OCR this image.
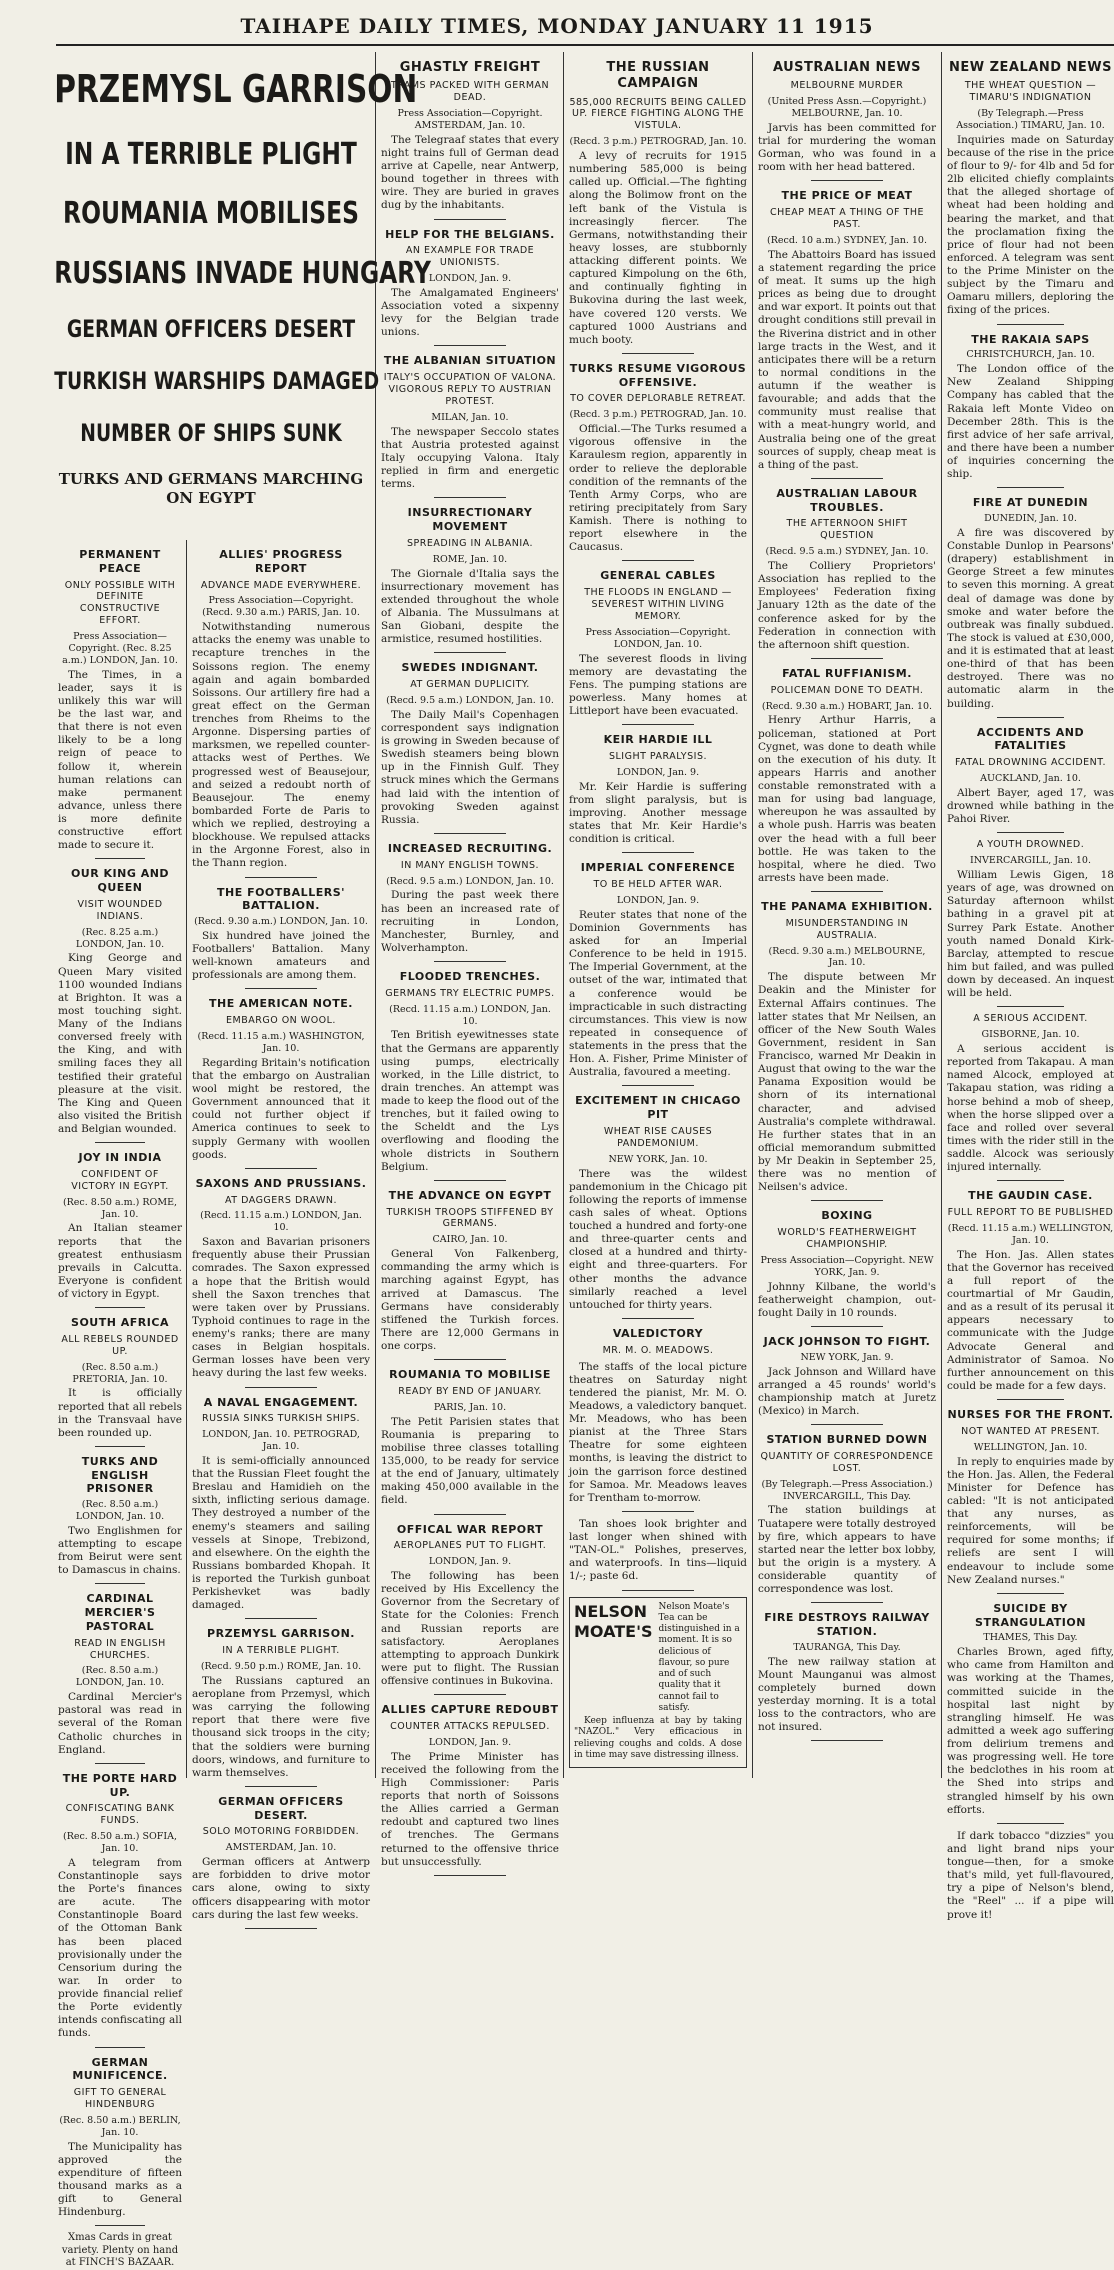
TAIHAPE DAILY TIMES, MONDAY JANUARY 11 1915
PRZEMYSL GARRISON
IN A TERRIBLE PLIGHT
ROUMANIA MOBILISES
RUSSIANS INVADE HUNGARY
GERMAN OFFICERS DESERT
TURKISH WARSHIPS DAMAGED
NUMBER OF SHIPS SUNK
TURKS AND GERMANS MARCHING ON EGYPT
PERMANENT PEACE
ONLY POSSIBLE WITH DEFINITE CONSTRUCTIVE EFFORT.
Press Association—Copyright. (Rec. 8.25 a.m.) LONDON, Jan. 10.
The Times, in a leader, says it is unlikely this war will be the last war, and that there is not even likely to be a long reign of peace to follow it, wherein human relations can make permanent advance, unless there is more definite constructive effort made to secure it.
OUR KING AND QUEEN
VISIT WOUNDED INDIANS.
(Rec. 8.25 a.m.) LONDON, Jan. 10.
King George and Queen Mary visited 1100 wounded Indians at Brighton. It was a most touching sight. Many of the Indians conversed freely with the King, and with smiling faces they all testified their grateful pleasure at the visit. The King and Queen also visited the British and Belgian wounded.
JOY IN INDIA
CONFIDENT OF VICTORY IN EGYPT.
(Rec. 8.50 a.m.) ROME, Jan. 10.
An Italian steamer reports that the greatest enthusiasm prevails in Calcutta. Everyone is confident of victory in Egypt.
SOUTH AFRICA
ALL REBELS ROUNDED UP.
(Rec. 8.50 a.m.) PRETORIA, Jan. 10.
It is officially reported that all rebels in the Transvaal have been rounded up.
TURKS AND ENGLISH PRISONER
(Rec. 8.50 a.m.) LONDON, Jan. 10.
Two Englishmen for attempting to escape from Beirut were sent to Damascus in chains.
CARDINAL MERCIER'S PASTORAL
READ IN ENGLISH CHURCHES.
(Rec. 8.50 a.m.) LONDON, Jan. 10.
Cardinal Mercier's pastoral was read in several of the Roman Catholic churches in England.
THE PORTE HARD UP.
CONFISCATING BANK FUNDS.
(Rec. 8.50 a.m.) SOFIA, Jan. 10.
A telegram from Constantinople says the Porte's finances are acute. The Constantinople Board of the Ottoman Bank has been placed provisionally under the Censorium during the war. In order to provide financial relief the Porte evidently intends confiscating all funds.
GERMAN MUNIFICENCE.
GIFT TO GENERAL HINDENBURG
(Rec. 8.50 a.m.) BERLIN, Jan. 10.
The Municipality has approved the expenditure of fifteen thousand marks as a gift to General Hindenburg.
Xmas Cards in great variety. Plenty on hand at FINCH'S BAZAAR.
ALLIES' PROGRESS REPORT
ADVANCE MADE EVERYWHERE.
Press Association—Copyright. (Recd. 9.30 a.m.) PARIS, Jan. 10.
Notwithstanding numerous attacks the enemy was unable to recapture trenches in the Soissons region. The enemy again and again bombarded Soissons. Our artillery fire had a great effect on the German trenches from Rheims to the Argonne. Dispersing parties of marksmen, we repelled counter-attacks west of Perthes. We progressed west of Beausejour, and seized a redoubt north of Beausejour. The enemy bombarded Forte de Paris to which we replied, destroying a blockhouse. We repulsed attacks in the Argonne Forest, also in the Thann region.
THE FOOTBALLERS' BATTALION.
(Recd. 9.30 a.m.) LONDON, Jan. 10.
Six hundred have joined the Footballers' Battalion. Many well-known amateurs and professionals are among them.
THE AMERICAN NOTE.
EMBARGO ON WOOL.
(Recd. 11.15 a.m.) WASHINGTON, Jan. 10.
Regarding Britain's notification that the embargo on Australian wool might be restored, the Government announced that it could not further object if America continues to seek to supply Germany with woollen goods.
SAXONS AND PRUSSIANS.
AT DAGGERS DRAWN.
(Recd. 11.15 a.m.) LONDON, Jan. 10.
Saxon and Bavarian prisoners frequently abuse their Prussian comrades. The Saxon expressed a hope that the British would shell the Saxon trenches that were taken over by Prussians. Typhoid continues to rage in the enemy's ranks; there are many cases in Belgian hospitals. German losses have been very heavy during the last few weeks.
A NAVAL ENGAGEMENT.
RUSSIA SINKS TURKISH SHIPS.
LONDON, Jan. 10. PETROGRAD, Jan. 10.
It is semi-officially announced that the Russian Fleet fought the Breslau and Hamidieh on the sixth, inflicting serious damage. They destroyed a number of the enemy's steamers and sailing vessels at Sinope, Trebizond, and elsewhere. On the eighth the Russians bombarded Khopah. It is reported the Turkish gunboat Perkishevket was badly damaged.
PRZEMYSL GARRISON.
IN A TERRIBLE PLIGHT.
(Recd. 9.50 p.m.) ROME, Jan. 10.
The Russians captured an aeroplane from Przemysl, which was carrying the following report that there were five thousand sick troops in the city; that the soldiers were burning doors, windows, and furniture to warm themselves.
GERMAN OFFICERS DESERT.
SOLO MOTORING FORBIDDEN.
AMSTERDAM, Jan. 10.
German officers at Antwerp are forbidden to drive motor cars alone, owing to sixty officers disappearing with motor cars during the last few weeks.
GHASTLY FREIGHT
TRAMS PACKED WITH GERMAN DEAD.
Press Association—Copyright. AMSTERDAM, Jan. 10.
The Telegraaf states that every night trains full of German dead arrive at Capelle, near Antwerp, bound together in threes with wire. They are buried in graves dug by the inhabitants.
HELP FOR THE BELGIANS.
AN EXAMPLE FOR TRADE UNIONISTS.
LONDON, Jan. 9.
The Amalgamated Engineers' Association voted a sixpenny levy for the Belgian trade unions.
THE ALBANIAN SITUATION
ITALY'S OCCUPATION OF VALONA. VIGOROUS REPLY TO AUSTRIAN PROTEST.
MILAN, Jan. 10.
The newspaper Seccolo states that Austria protested against Italy occupying Valona. Italy replied in firm and energetic terms.
INSURRECTIONARY MOVEMENT
SPREADING IN ALBANIA.
ROME, Jan. 10.
The Giornale d'Italia says the insurrectionary movement has extended throughout the whole of Albania. The Mussulmans at San Giobani, despite the armistice, resumed hostilities.
SWEDES INDIGNANT.
AT GERMAN DUPLICITY.
(Recd. 9.5 a.m.) LONDON, Jan. 10.
The Daily Mail's Copenhagen correspondent says indignation is growing in Sweden because of Swedish steamers being blown up in the Finnish Gulf. They struck mines which the Germans had laid with the intention of provoking Sweden against Russia.
INCREASED RECRUITING.
IN MANY ENGLISH TOWNS.
(Recd. 9.5 a.m.) LONDON, Jan. 10.
During the past week there has been an increased rate of recruiting in London, Manchester, Burnley, and Wolverhampton.
FLOODED TRENCHES.
GERMANS TRY ELECTRIC PUMPS.
(Recd. 11.15 a.m.) LONDON, Jan. 10.
Ten British eyewitnesses state that the Germans are apparently using pumps, electrically worked, in the Lille district, to drain trenches. An attempt was made to keep the flood out of the trenches, but it failed owing to the Scheldt and the Lys overflowing and flooding the whole districts in Southern Belgium.
THE ADVANCE ON EGYPT
TURKISH TROOPS STIFFENED BY GERMANS.
CAIRO, Jan. 10.
General Von Falkenberg, commanding the army which is marching against Egypt, has arrived at Damascus. The Germans have considerably stiffened the Turkish forces. There are 12,000 Germans in one corps.
ROUMANIA TO MOBILISE
READY BY END OF JANUARY.
PARIS, Jan. 10.
The Petit Parisien states that Roumania is preparing to mobilise three classes totalling 135,000, to be ready for service at the end of January, ultimately making 450,000 available in the field.
OFFICAL WAR REPORT
AEROPLANES PUT TO FLIGHT.
LONDON, Jan. 9.
The following has been received by His Excellency the Governor from the Secretary of State for the Colonies: French and Russian reports are satisfactory. Aeroplanes attempting to approach Dunkirk were put to flight. The Russian offensive continues in Bukovina.
ALLIES CAPTURE REDOUBT
COUNTER ATTACKS REPULSED.
LONDON, Jan. 9.
The Prime Minister has received the following from the High Commissioner: Paris reports that north of Soissons the Allies carried a German redoubt and captured two lines of trenches. The Germans returned to the offensive thrice but unsuccessfully.
THE RUSSIAN CAMPAIGN
585,000 RECRUITS BEING CALLED UP. FIERCE FIGHTING ALONG THE VISTULA.
(Recd. 3 p.m.) PETROGRAD, Jan. 10.
A levy of recruits for 1915 numbering 585,000 is being called up. Official.—The fighting along the Bolimow front on the left bank of the Vistula is increasingly fiercer. The Germans, notwithstanding their heavy losses, are stubbornly attacking different points. We captured Kimpolung on the 6th, and continually fighting in Bukovina during the last week, have covered 120 versts. We captured 1000 Austrians and much booty.
TURKS RESUME VIGOROUS OFFENSIVE.
TO COVER DEPLORABLE RETREAT.
(Recd. 3 p.m.) PETROGRAD, Jan. 10.
Official.—The Turks resumed a vigorous offensive in the Karaulesm region, apparently in order to relieve the deplorable condition of the remnants of the Tenth Army Corps, who are retiring precipitately from Sary Kamish. There is nothing to report elsewhere in the Caucasus.
GENERAL CABLES
THE FLOODS IN ENGLAND — SEVEREST WITHIN LIVING MEMORY.
Press Association—Copyright. LONDON, Jan. 10.
The severest floods in living memory are devastating the Fens. The pumping stations are powerless. Many homes at Littleport have been evacuated.
KEIR HARDIE ILL
SLIGHT PARALYSIS.
LONDON, Jan. 9.
Mr. Keir Hardie is suffering from slight paralysis, but is improving. Another message states that Mr. Keir Hardie's condition is critical.
IMPERIAL CONFERENCE
TO BE HELD AFTER WAR.
LONDON, Jan. 9.
Reuter states that none of the Dominion Governments has asked for an Imperial Conference to be held in 1915. The Imperial Government, at the outset of the war, intimated that a conference would be impracticable in such distracting circumstances. This view is now repeated in consequence of statements in the press that the Hon. A. Fisher, Prime Minister of Australia, favoured a meeting.
EXCITEMENT IN CHICAGO PIT
WHEAT RISE CAUSES PANDEMONIUM.
NEW YORK, Jan. 10.
There was the wildest pandemonium in the Chicago pit following the reports of immense cash sales of wheat. Options touched a hundred and forty-one and three-quarter cents and closed at a hundred and thirty-eight and three-quarters. For other months the advance similarly reached a level untouched for thirty years.
VALEDICTORY
MR. M. O. MEADOWS.
The staffs of the local picture theatres on Saturday night tendered the pianist, Mr. M. O. Meadows, a valedictory banquet. Mr. Meadows, who has been pianist at the Three Stars Theatre for some eighteen months, is leaving the district to join the garrison force destined for Samoa. Mr. Meadows leaves for Trentham to-morrow.
Tan shoes look brighter and last longer when shined with "TAN-OL." Polishes, preserves, and waterproofs. In tins—liquid 1/-; paste 6d.
NELSON MOATE'S
Nelson Moate's Tea can be distinguished in a moment. It is so delicious of flavour, so pure and of such quality that it cannot fail to satisfy.
Keep influenza at bay by taking "NAZOL." Very efficacious in relieving coughs and colds. A dose in time may save distressing illness.
AUSTRALIAN NEWS
MELBOURNE MURDER
(United Press Assn.—Copyright.) MELBOURNE, Jan. 10.
Jarvis has been committed for trial for murdering the woman Gorman, who was found in a room with her head battered.
THE PRICE OF MEAT
CHEAP MEAT A THING OF THE PAST.
(Recd. 10 a.m.) SYDNEY, Jan. 10.
The Abattoirs Board has issued a statement regarding the price of meat. It sums up the high prices as being due to drought and war export. It points out that drought conditions still prevail in the Riverina district and in other large tracts in the West, and it anticipates there will be a return to normal conditions in the autumn if the weather is favourable; and adds that the community must realise that with a meat-hungry world, and Australia being one of the great sources of supply, cheap meat is a thing of the past.
AUSTRALIAN LABOUR TROUBLES.
THE AFTERNOON SHIFT QUESTION
(Recd. 9.5 a.m.) SYDNEY, Jan. 10.
The Colliery Proprietors' Association has replied to the Employees' Federation fixing January 12th as the date of the conference asked for by the Federation in connection with the afternoon shift question.
FATAL RUFFIANISM.
POLICEMAN DONE TO DEATH.
(Recd. 9.30 a.m.) HOBART, Jan. 10.
Henry Arthur Harris, a policeman, stationed at Port Cygnet, was done to death while on the execution of his duty. It appears Harris and another constable remonstrated with a man for using bad language, whereupon he was assaulted by a whole push. Harris was beaten over the head with a full beer bottle. He was taken to the hospital, where he died. Two arrests have been made.
THE PANAMA EXHIBITION.
MISUNDERSTANDING IN AUSTRALIA.
(Recd. 9.30 a.m.) MELBOURNE, Jan. 10.
The dispute between Mr Deakin and the Minister for External Affairs continues. The latter states that Mr Neilsen, an officer of the New South Wales Government, resident in San Francisco, warned Mr Deakin in August that owing to the war the Panama Exposition would be shorn of its international character, and advised Australia's complete withdrawal. He further states that in an official memorandum submitted by Mr Deakin in September 25, there was no mention of Neilsen's advice.
BOXING
WORLD'S FEATHERWEIGHT CHAMPIONSHIP.
Press Association—Copyright. NEW YORK, Jan. 9.
Johnny Kilbane, the world's featherweight champion, out-fought Daily in 10 rounds.
JACK JOHNSON TO FIGHT.
NEW YORK, Jan. 9.
Jack Johnson and Willard have arranged a 45 rounds' world's championship match at Juretz (Mexico) in March.
STATION BURNED DOWN
QUANTITY OF CORRESPONDENCE LOST.
(By Telegraph.—Press Association.) INVERCARGILL, This Day.
The station buildings at Tuatapere were totally destroyed by fire, which appears to have started near the letter box lobby, but the origin is a mystery. A considerable quantity of correspondence was lost.
FIRE DESTROYS RAILWAY STATION.
TAURANGA, This Day.
The new railway station at Mount Maunganui was almost completely burned down yesterday morning. It is a total loss to the contractors, who are not insured.
NEW ZEALAND NEWS
THE WHEAT QUESTION — TIMARU'S INDIGNATION
(By Telegraph.—Press Association.) TIMARU, Jan. 10.
Inquiries made on Saturday because of the rise in the price of flour to 9/- for 4lb and 5d for 2lb elicited chiefly complaints that the alleged shortage of wheat had been holding and bearing the market, and that the proclamation fixing the price of flour had not been enforced. A telegram was sent to the Prime Minister on the subject by the Timaru and Oamaru millers, deploring the fixing of the prices.
THE RAKAIA SAPS
CHRISTCHURCH, Jan. 10.
The London office of the New Zealand Shipping Company has cabled that the Rakaia left Monte Video on December 28th. This is the first advice of her safe arrival, and there have been a number of inquiries concerning the ship.
FIRE AT DUNEDIN
DUNEDIN, Jan. 10.
A fire was discovered by Constable Dunlop in Pearsons' (drapery) establishment in George Street a few minutes to seven this morning. A great deal of damage was done by smoke and water before the outbreak was finally subdued. The stock is valued at £30,000, and it is estimated that at least one-third of that has been destroyed. There was no automatic alarm in the building.
ACCIDENTS AND FATALITIES
FATAL DROWNING ACCIDENT.
AUCKLAND, Jan. 10.
Albert Bayer, aged 17, was drowned while bathing in the Pahoi River.
A YOUTH DROWNED.
INVERCARGILL, Jan. 10.
William Lewis Gigen, 18 years of age, was drowned on Saturday afternoon whilst bathing in a gravel pit at Surrey Park Estate. Another youth named Donald Kirk-Barclay, attempted to rescue him but failed, and was pulled down by deceased. An inquest will be held.
A SERIOUS ACCIDENT.
GISBORNE, Jan. 10.
A serious accident is reported from Takapau. A man named Alcock, employed at Takapau station, was riding a horse behind a mob of sheep, when the horse slipped over a face and rolled over several times with the rider still in the saddle. Alcock was seriously injured internally.
THE GAUDIN CASE.
FULL REPORT TO BE PUBLISHED
(Recd. 11.15 a.m.) WELLINGTON, Jan. 10.
The Hon. Jas. Allen states that the Governor has received a full report of the courtmartial of Mr Gaudin, and as a result of its perusal it appears necessary to communicate with the Judge Advocate General and Administrator of Samoa. No further announcement on this could be made for a few days.
NURSES FOR THE FRONT.
NOT WANTED AT PRESENT.
WELLINGTON, Jan. 10.
In reply to enquiries made by the Hon. Jas. Allen, the Federal Minister for Defence has cabled: "It is not anticipated that any nurses, as reinforcements, will be required for some months; if reliefs are sent I will endeavour to include some New Zealand nurses."
SUICIDE BY STRANGULATION
THAMES, This Day.
Charles Brown, aged fifty, who came from Hamilton and was working at the Thames, committed suicide in the hospital last night by strangling himself. He was admitted a week ago suffering from delirium tremens and was progressing well. He tore the bedclothes in his room at the Shed into strips and strangled himself by his own efforts.
If dark tobacco "dizzies" you and light brand nips your tongue—then, for a smoke that's mild, yet full-flavoured, try a pipe of Nelson's blend, the "Reel" ... if a pipe will prove it!
